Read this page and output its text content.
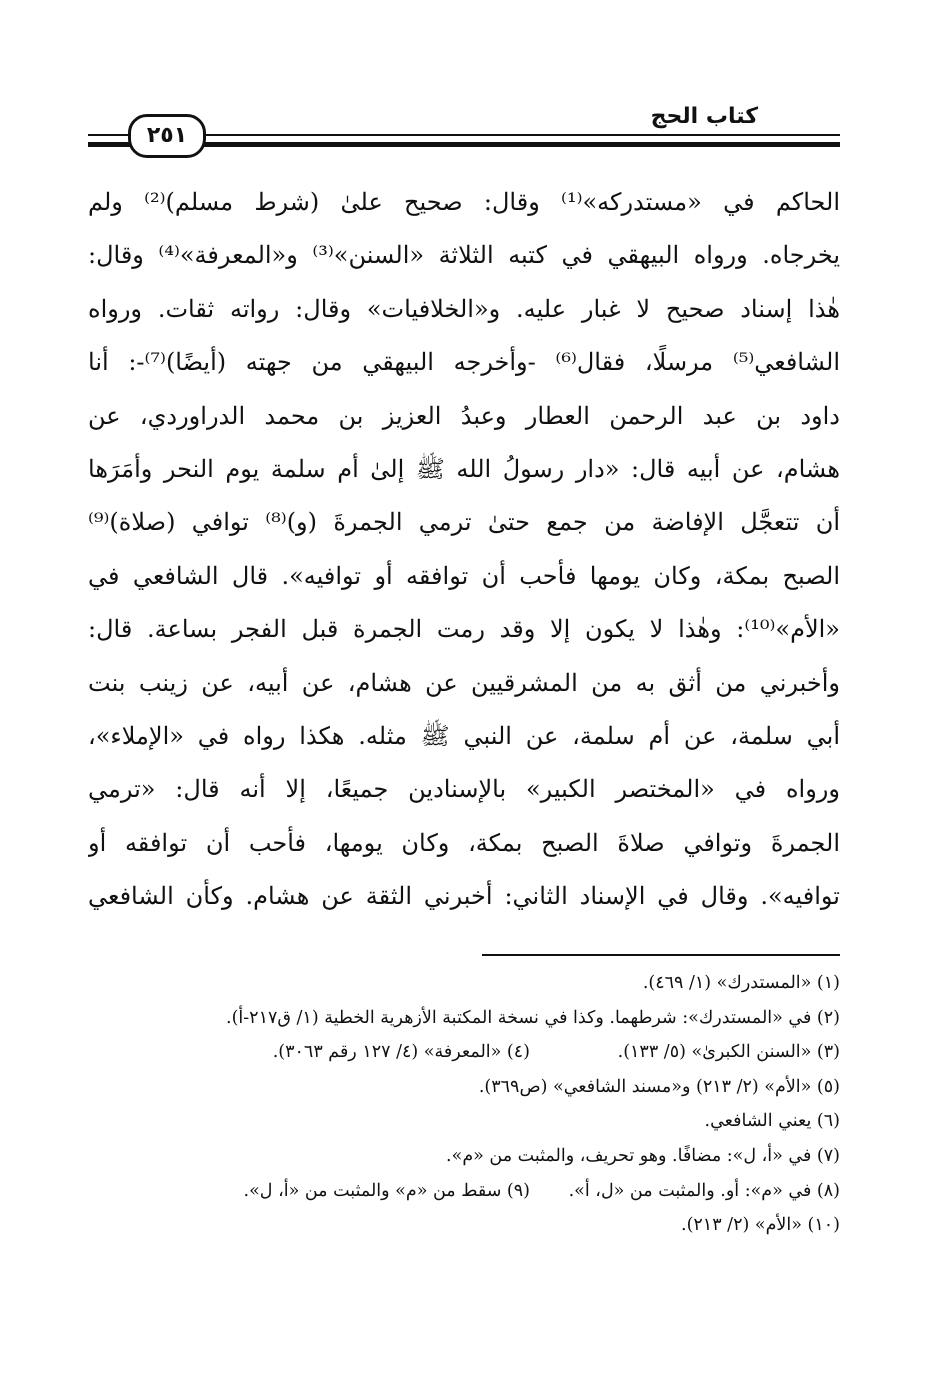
كتاب الحج
٢٥١
الحاكم في «مستدركه»⁽¹⁾ وقال: صحيح علىٰ (شرط مسلم)⁽²⁾ ولم
يخرجاه. ورواه البيهقي في كتبه الثلاثة «السنن»⁽³⁾ و«المعرفة»⁽⁴⁾ وقال:
هٰذا إسناد صحيح لا غبار عليه. و«الخلافيات» وقال: رواته ثقات. ورواه
الشافعي⁽⁵⁾ مرسلًا، فقال⁽⁶⁾ -وأخرجه البيهقي من جهته (أيضًا)⁽⁷⁾-: أنا
داود بن عبد الرحمن العطار وعبدُ العزيز بن محمد الدراوردي، عن
هشام، عن أبيه قال: «دار رسولُ الله ﷺ إلىٰ أم سلمة يوم النحر وأمَرَها
أن تتعجَّل الإفاضة من جمع حتىٰ ترمي الجمرةَ (و)⁽⁸⁾ توافي (صلاة)⁽⁹⁾
الصبح بمكة، وكان يومها فأحب أن توافقه أو توافيه». قال الشافعي في
«الأم»⁽¹⁰⁾: وهٰذا لا يكون إلا وقد رمت الجمرة قبل الفجر بساعة. قال:
وأخبرني من أثق به من المشرقيين عن هشام، عن أبيه، عن زينب بنت
أبي سلمة، عن أم سلمة، عن النبي ﷺ مثله. هكذا رواه في «الإملاء»،
ورواه في «المختصر الكبير» بالإسنادين جميعًا، إلا أنه قال: «ترمي
الجمرةَ وتوافي صلاةَ الصبح بمكة، وكان يومها، فأحب أن توافقه أو
توافيه». وقال في الإسناد الثاني: أخبرني الثقة عن هشام. وكأن الشافعي
(١) «المستدرك» (١/ ٤٦٩).
(٢) في «المستدرك»: شرطهما. وكذا في نسخة المكتبة الأزهرية الخطية (١/ ق٢١٧-أ).
(٣) «السنن الكبرىٰ» (٥/ ١٣٣).
(٤) «المعرفة» (٤/ ١٢٧ رقم ٣٠٦٣).
(٥) «الأم» (٢/ ٢١٣) و«مسند الشافعي» (ص٣٦٩).
(٦) يعني الشافعي.
(٧) في «أ، ل»: مضافًا. وهو تحريف، والمثبت من «م».
(٨) في «م»: أو. والمثبت من «ل، أ».
(٩) سقط من «م» والمثبت من «أ، ل».
(١٠) «الأم» (٢/ ٢١٣).
